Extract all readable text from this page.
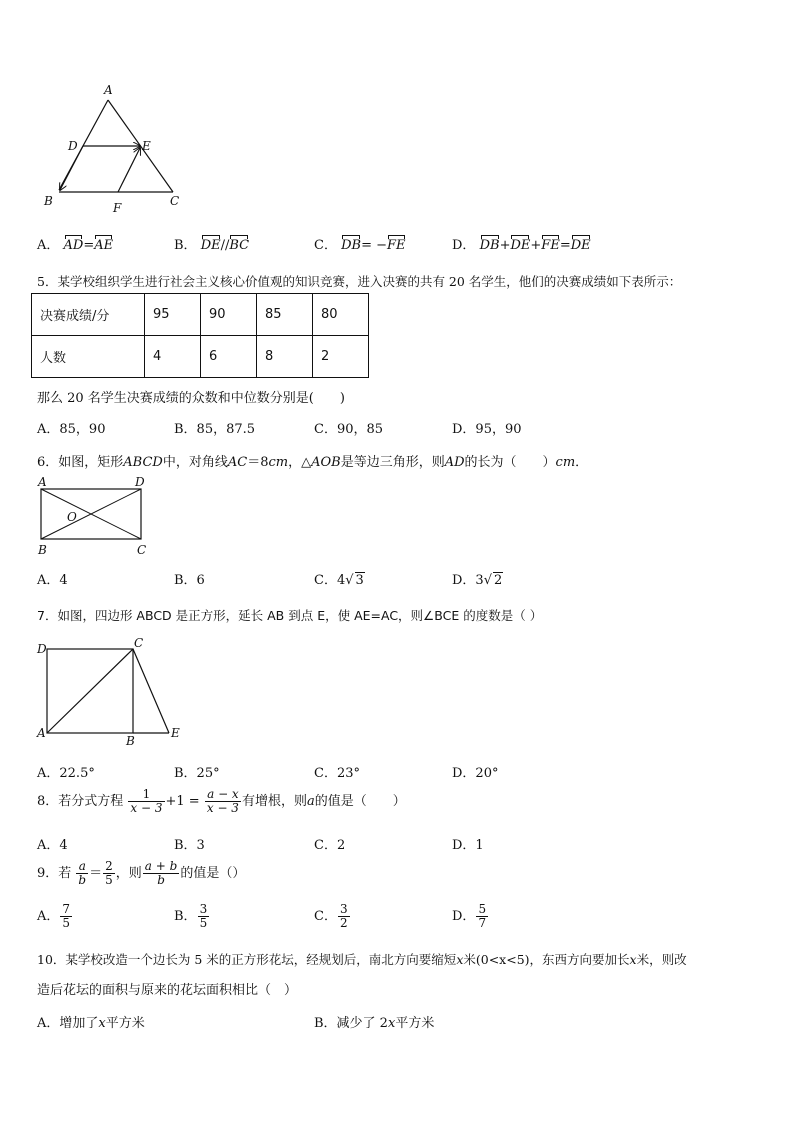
A
D	E
B	F	C
A． AD=AE	B． DE//BC	C． DB= −FE	D． DB+DE+FE=DE
5．某学校组织学生进行社会主义核心价值观的知识竞赛，进入决赛的共有 20 名学生，他们的决赛成绩如下表所示：
决赛成绩/分	95	90	85	80
人数	4	6	8	2
那么 20 名学生决赛成绩的众数和中位数分别是(　　)
A．85，90	B．85，87.5	C．90，85	D．95，90
6．如图，矩形ABCD中，对角线AC＝8cm，△AOB是等边三角形，则AD的长为（　　）cm．
A	D
O
B	C
A．4	B．6	C．4√ 3	D．3√ 2
7．如图，四边形 ABCD 是正方形，延长 AB 到点 E，使 AE=AC，则∠BCE 的度数是（ ）
D	C
A
B
E
A．22.5°	B．25°	C．23°	D．20°
8．若分式方程 $\frac{1}{x - 3} +1 = \frac{a - x}{x - 3}$ 有增根，则a的值是（　　）
A．4	B．3	C．2	D．1
9．若 $\frac{a}{b} = \frac{2}{5}$ ，则 $\frac{a + b}{b}$ 的值是（）
A． $\frac{7}{5}$	B． $\frac{3}{5}$	C． $\frac{3}{2}$	D． $\frac{5}{7}$
10．某学校改造一个边长为 5 米的正方形花坛，经规划后，南北方向要缩短x米(0<x<5)，东西方向要加长x米，则改
造后花坛的面积与原来的花坛面积相比（　）
A．增加了x平方米	B．减少了 2x平方米
